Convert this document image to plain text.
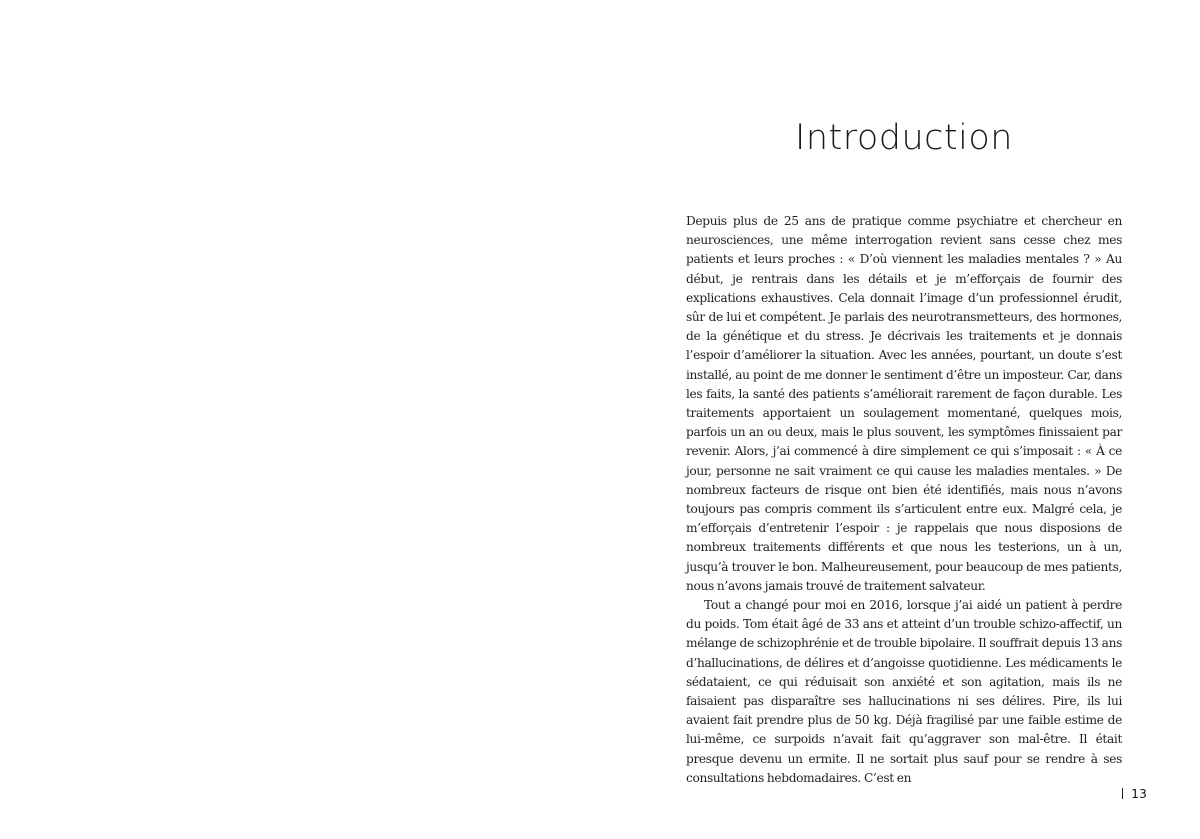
Introduction

Depuis plus de 25 ans de pratique comme psychiatre et chercheur en neurosciences, une même interrogation revient sans cesse chez mes patients et leurs proches : « D’où viennent les maladies mentales ? » Au début, je rentrais dans les détails et je m’efforçais de fournir des explications exhaustives. Cela donnait l’image d’un professionnel érudit, sûr de lui et compétent. Je parlais des neurotransmetteurs, des hormones, de la génétique et du stress. Je décrivais les traitements et je donnais l’espoir d’améliorer la situation. Avec les années, pourtant, un doute s’est installé, au point de me donner le sentiment d’être un imposteur. Car, dans les faits, la santé des patients s’améliorait rarement de façon durable. Les traitements apportaient un soulagement momentané, quelques mois, parfois un an ou deux, mais le plus souvent, les symptômes finissaient par revenir. Alors, j’ai commencé à dire simplement ce qui s’imposait : « À ce jour, personne ne sait vraiment ce qui cause les maladies mentales. » De nombreux facteurs de risque ont bien été identifiés, mais nous n’avons toujours pas compris comment ils s’articulent entre eux. Malgré cela, je m’efforçais d’entretenir l’espoir : je rappelais que nous disposions de nombreux traitements différents et que nous les testerions, un à un, jusqu’à trouver le bon. Malheureusement, pour beaucoup de mes patients, nous n’avons jamais trouvé de traitement salvateur.

Tout a changé pour moi en 2016, lorsque j’ai aidé un patient à perdre du poids. Tom était âgé de 33 ans et atteint d’un trouble schizo-affectif, un mélange de schizophrénie et de trouble bipolaire. Il souffrait depuis 13 ans d’hallucinations, de délires et d’angoisse quotidienne. Les médicaments le sédataient, ce qui réduisait son anxiété et son agitation, mais ils ne faisaient pas disparaître ses hallucinations ni ses délires. Pire, ils lui avaient fait prendre plus de 50 kg. Déjà fragilisé par une faible estime de lui-même, ce surpoids n’avait fait qu’aggraver son mal-être. Il était presque devenu un ermite. Il ne sortait plus sauf pour se rendre à ses consultations hebdomadaires. C’est en

13
